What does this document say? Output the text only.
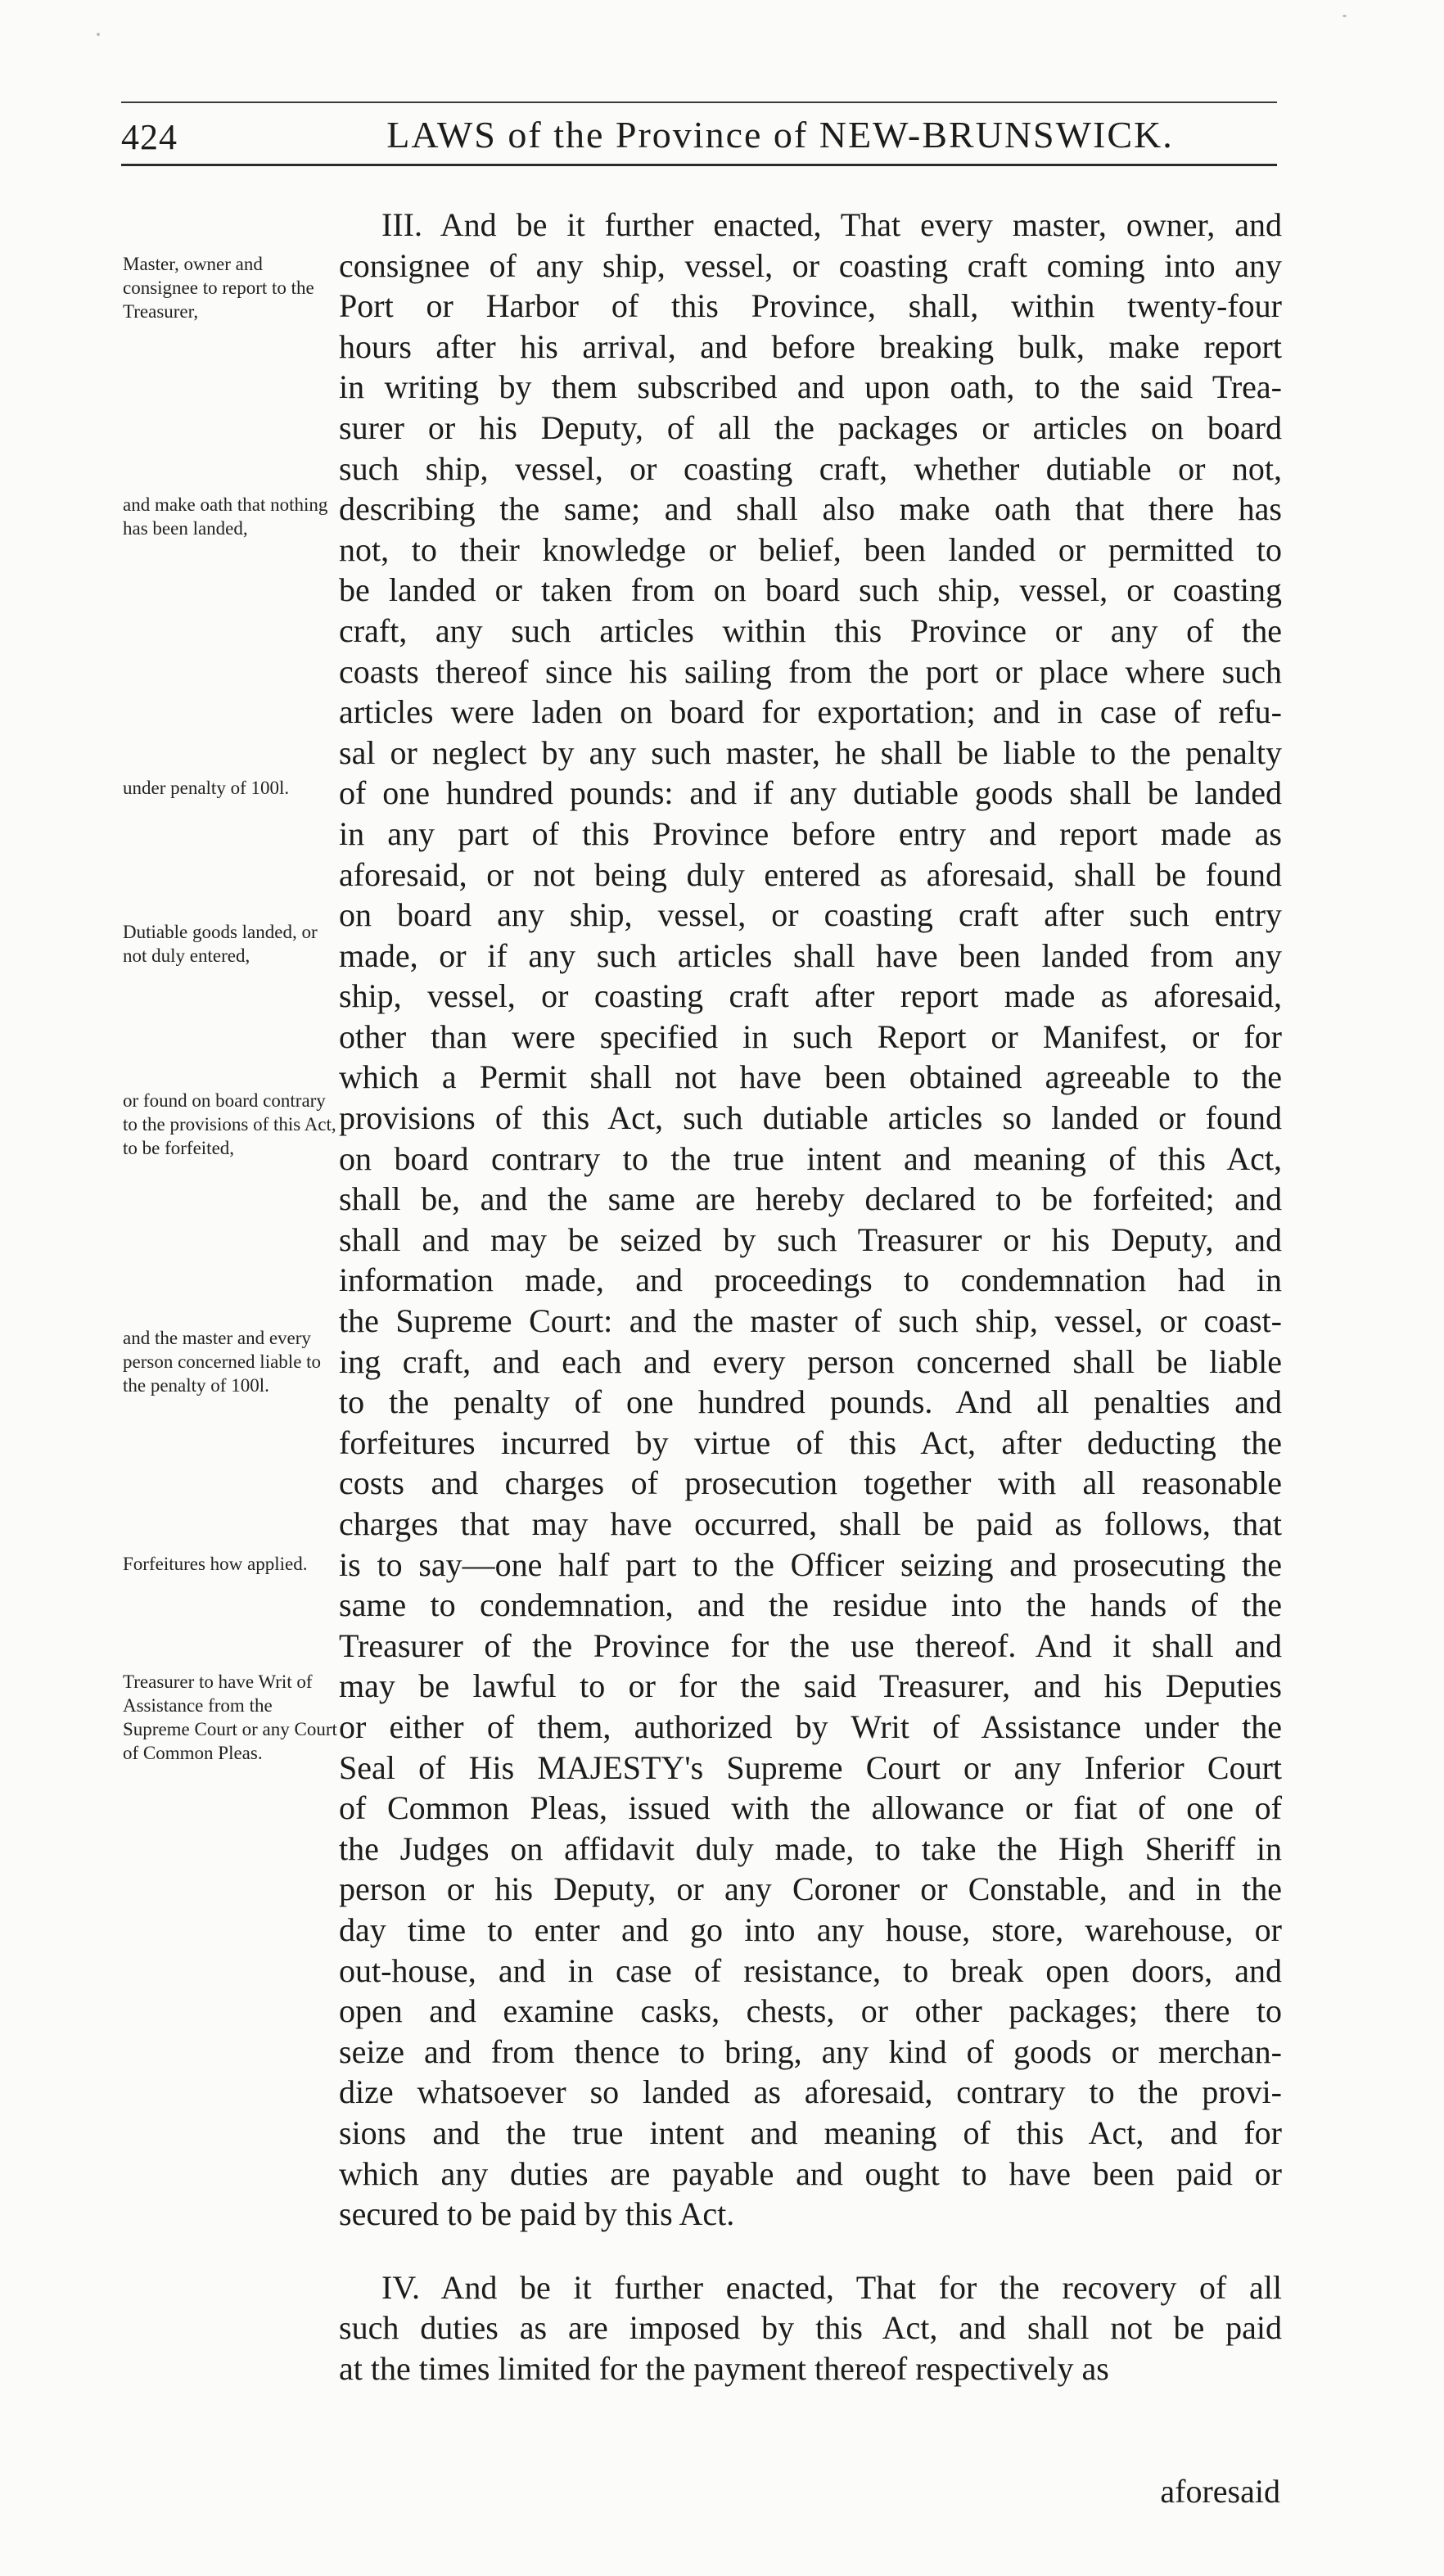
424	LAWS of the Province of NEW-BRUNSWICK.
Master, owner and consignee to report to the Treasurer,
and make oath that nothing has been landed,
under penalty of 100l.
Dutiable goods landed, or not duly entered,
or found on board contrary to the provisions of this Act, to be forfeited,
and the master and every person concerned liable to the penalty of 100l.
Forfeitures how applied.
Treasurer to have Writ of Assistance from the Supreme Court or any Court of Common Pleas.
III. And be it further enacted, That every master, owner, and
consignee of any ship, vessel, or coasting craft coming into any
Port or Harbor of this Province, shall, within twenty-four
hours after his arrival, and before breaking bulk, make report
in writing by them subscribed and upon oath, to the said Trea-
surer or his Deputy, of all the packages or articles on board
such ship, vessel, or coasting craft, whether dutiable or not,
describing the same; and shall also make oath that there has
not, to their knowledge or belief, been landed or permitted to
be landed or taken from on board such ship, vessel, or coasting
craft, any such articles within this Province or any of the
coasts thereof since his sailing from the port or place where such
articles were laden on board for exportation; and in case of refu-
sal or neglect by any such master, he shall be liable to the penalty
of one hundred pounds: and if any dutiable goods shall be landed
in any part of this Province before entry and report made as
aforesaid, or not being duly entered as aforesaid, shall be found
on board any ship, vessel, or coasting craft after such entry
made, or if any such articles shall have been landed from any
ship, vessel, or coasting craft after report made as aforesaid,
other than were specified in such Report or Manifest, or for
which a Permit shall not have been obtained agreeable to the
provisions of this Act, such dutiable articles so landed or found
on board contrary to the true intent and meaning of this Act,
shall be, and the same are hereby declared to be forfeited; and
shall and may be seized by such Treasurer or his Deputy, and
information made, and proceedings to condemnation had in
the Supreme Court: and the master of such ship, vessel, or coast-
ing craft, and each and every person concerned shall be liable
to the penalty of one hundred pounds. And all penalties and
forfeitures incurred by virtue of this Act, after deducting the
costs and charges of prosecution together with all reasonable
charges that may have occurred, shall be paid as follows, that
is to say—one half part to the Officer seizing and prosecuting the
same to condemnation, and the residue into the hands of the
Treasurer of the Province for the use thereof. And it shall and
may be lawful to or for the said Treasurer, and his Deputies
or either of them, authorized by Writ of Assistance under the
Seal of His MAJESTY's Supreme Court or any Inferior Court
of Common Pleas, issued with the allowance or fiat of one of
the Judges on affidavit duly made, to take the High Sheriff in
person or his Deputy, or any Coroner or Constable, and in the
day time to enter and go into any house, store, warehouse, or
out-house, and in case of resistance, to break open doors, and
open and examine casks, chests, or other packages; there to
seize and from thence to bring, any kind of goods or merchan-
dize whatsoever so landed as aforesaid, contrary to the provi-
sions and the true intent and meaning of this Act, and for
which any duties are payable and ought to have been paid or
secured to be paid by this Act.
IV. And be it further enacted, That for the recovery of all
such duties as are imposed by this Act, and shall not be paid
at the times limited for the payment thereof respectively as
aforesaid
